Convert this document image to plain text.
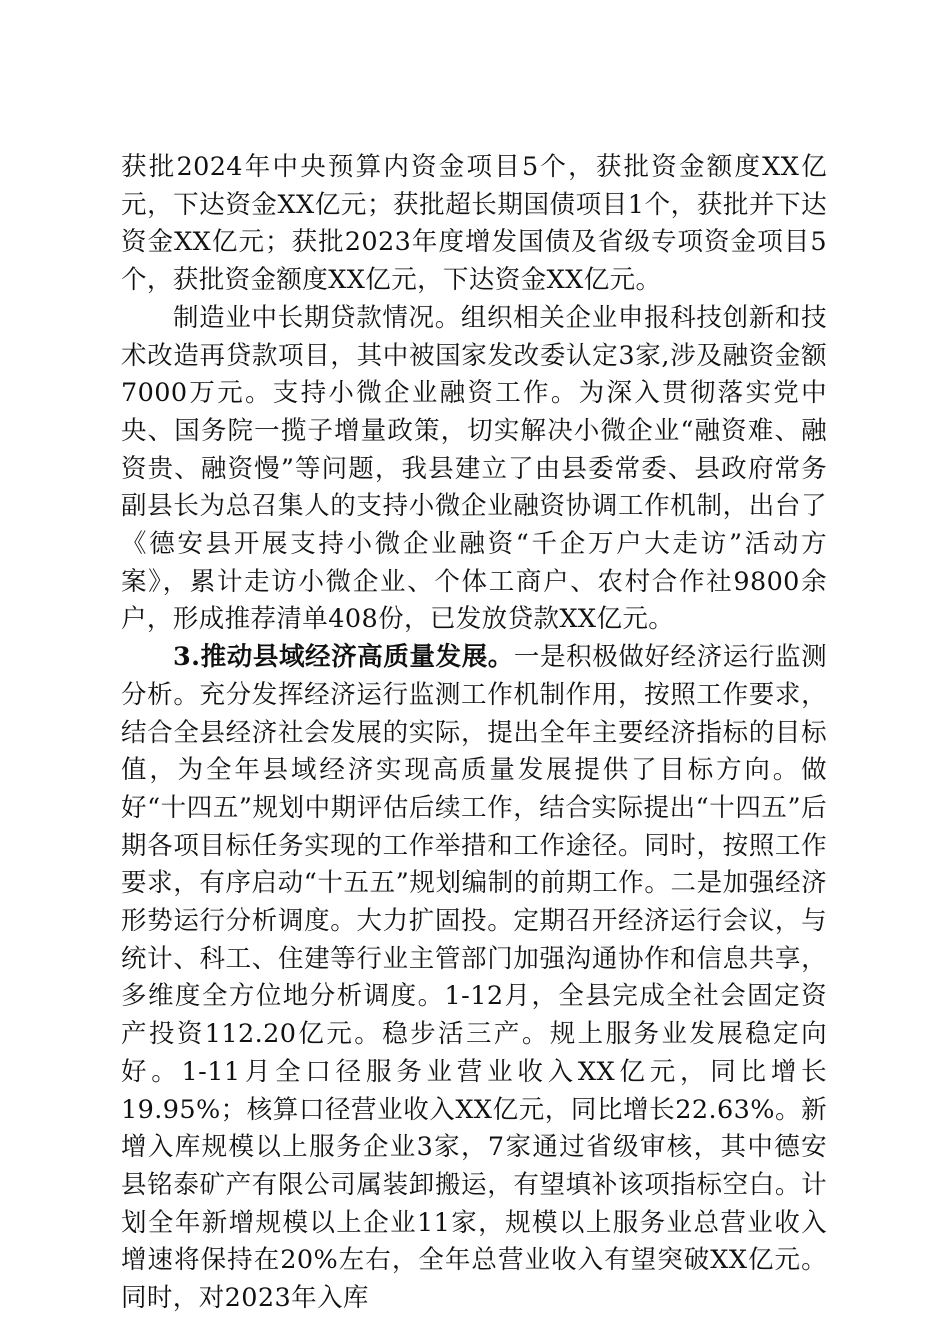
获批2024年中央预算内资金项目5个，获批资金额度XX亿元，下达资金XX亿元；获批超长期国债项目1个，获批并下达资金XX亿元；获批2023年度增发国债及省级专项资金项目5个，获批资金额度XX亿元，下达资金XX亿元。

制造业中长期贷款情况。组织相关企业申报科技创新和技术改造再贷款项目，其中被国家发改委认定3家,涉及融资金额7000万元。支持小微企业融资工作。为深入贯彻落实党中央、国务院一揽子增量政策，切实解决小微企业“融资难、融资贵、融资慢”等问题，我县建立了由县委常委、县政府常务副县长为总召集人的支持小微企业融资协调工作机制，出台了《德安县开展支持小微企业融资“千企万户大走访”活动方案》，累计走访小微企业、个体工商户、农村合作社9800余户，形成推荐清单408份，已发放贷款XX亿元。

3.推动县域经济高质量发展。一是积极做好经济运行监测分析。充分发挥经济运行监测工作机制作用，按照工作要求，结合全县经济社会发展的实际，提出全年主要经济指标的目标值，为全年县域经济实现高质量发展提供了目标方向。做好“十四五”规划中期评估后续工作，结合实际提出“十四五”后期各项目标任务实现的工作举措和工作途径。同时，按照工作要求，有序启动“十五五”规划编制的前期工作。二是加强经济形势运行分析调度。大力扩固投。定期召开经济运行会议，与统计、科工、住建等行业主管部门加强沟通协作和信息共享，多维度全方位地分析调度。1-12月，全县完成全社会固定资产投资112.20亿元。稳步活三产。规上服务业发展稳定向好。1-11月全口径服务业营业收入XX亿元，同比增长19.95%；核算口径营业收入XX亿元，同比增长22.63%。新增入库规模以上服务企业3家，7家通过省级审核，其中德安县铭泰矿产有限公司属装卸搬运，有望填补该项指标空白。计划全年新增规模以上企业11家，规模以上服务业总营业收入增速将保持在20%左右，全年总营业收入有望突破XX亿元。同时，对2023年入库
